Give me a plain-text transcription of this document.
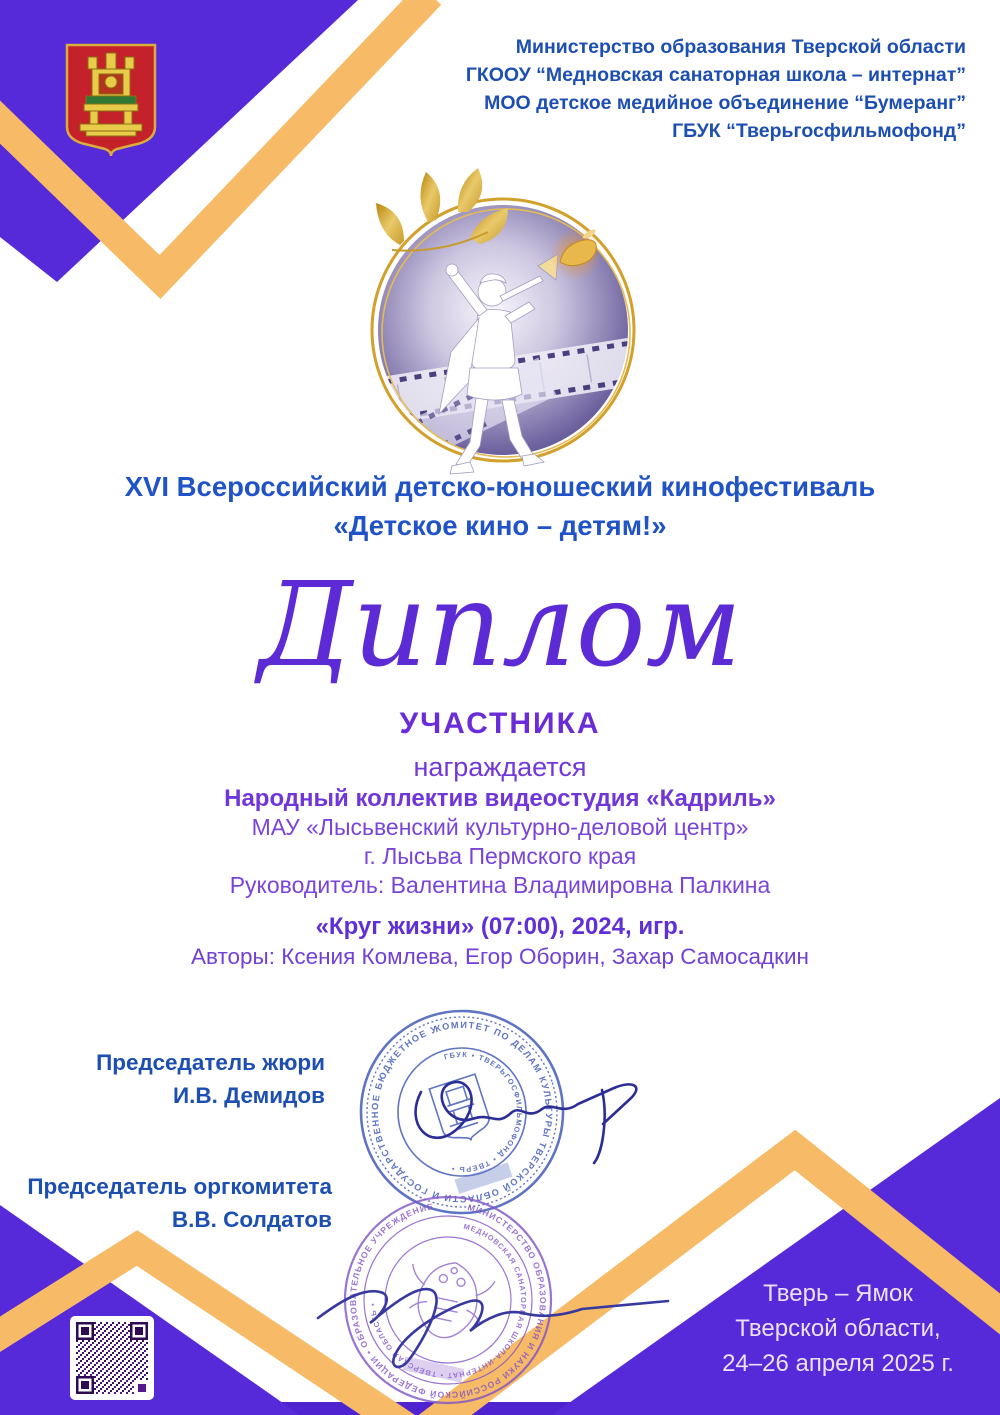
Министерство образования Тверской области
ГКООУ “Медновская санаторная школа – интернат”
МОО детское медийное объединение “Бумеранг”
ГБУК “Тверьгосфильмофонд”
XVI Всероссийский детско-юношеский кинофестиваль
«Детское кино – детям!»
Диплом
УЧАСТНИКА
награждается
Народный коллектив видеостудия «Кадриль»
МАУ «Лысьвенский культурно-деловой центр»
г. Лысьва Пермского края
Руководитель: Валентина Владимировна Палкина
«Круг жизни» (07:00), 2024, игр.
Авторы: Ксения Комлева, Егор Оборин, Захар Самосадкин
Председатель жюри
И.В. Демидов
Председатель оргкомитета
В.В. Солдатов
Тверь – Ямок
Тверской области,
24–26 апреля 2025 г.
КОМИТЕТ ПО ДЕЛАМ КУЛЬТУРЫ ТВЕРСКОЙ ОБЛАСТИ И ГОСУДАРСТВЕННОЕ БЮДЖЕТНОЕ УЧРЕЖДЕНИЕ
ГБУК • ТВЕРЬГОСФИЛЬМОФОНД • ТВЕРЬ •
МИНИСТЕРСТВО ОБРАЗОВАНИЯ И НАУКИ РОССИЙСКОЙ ФЕДЕРАЦИИ • ОБРАЗОВАТЕЛЬНОЕ УЧРЕЖДЕНИЕ
МЕДНОВСКАЯ САНАТОРНАЯ ШКОЛА-ИНТЕРНАТ • ТВЕРСКАЯ ОБЛАСТЬ •
